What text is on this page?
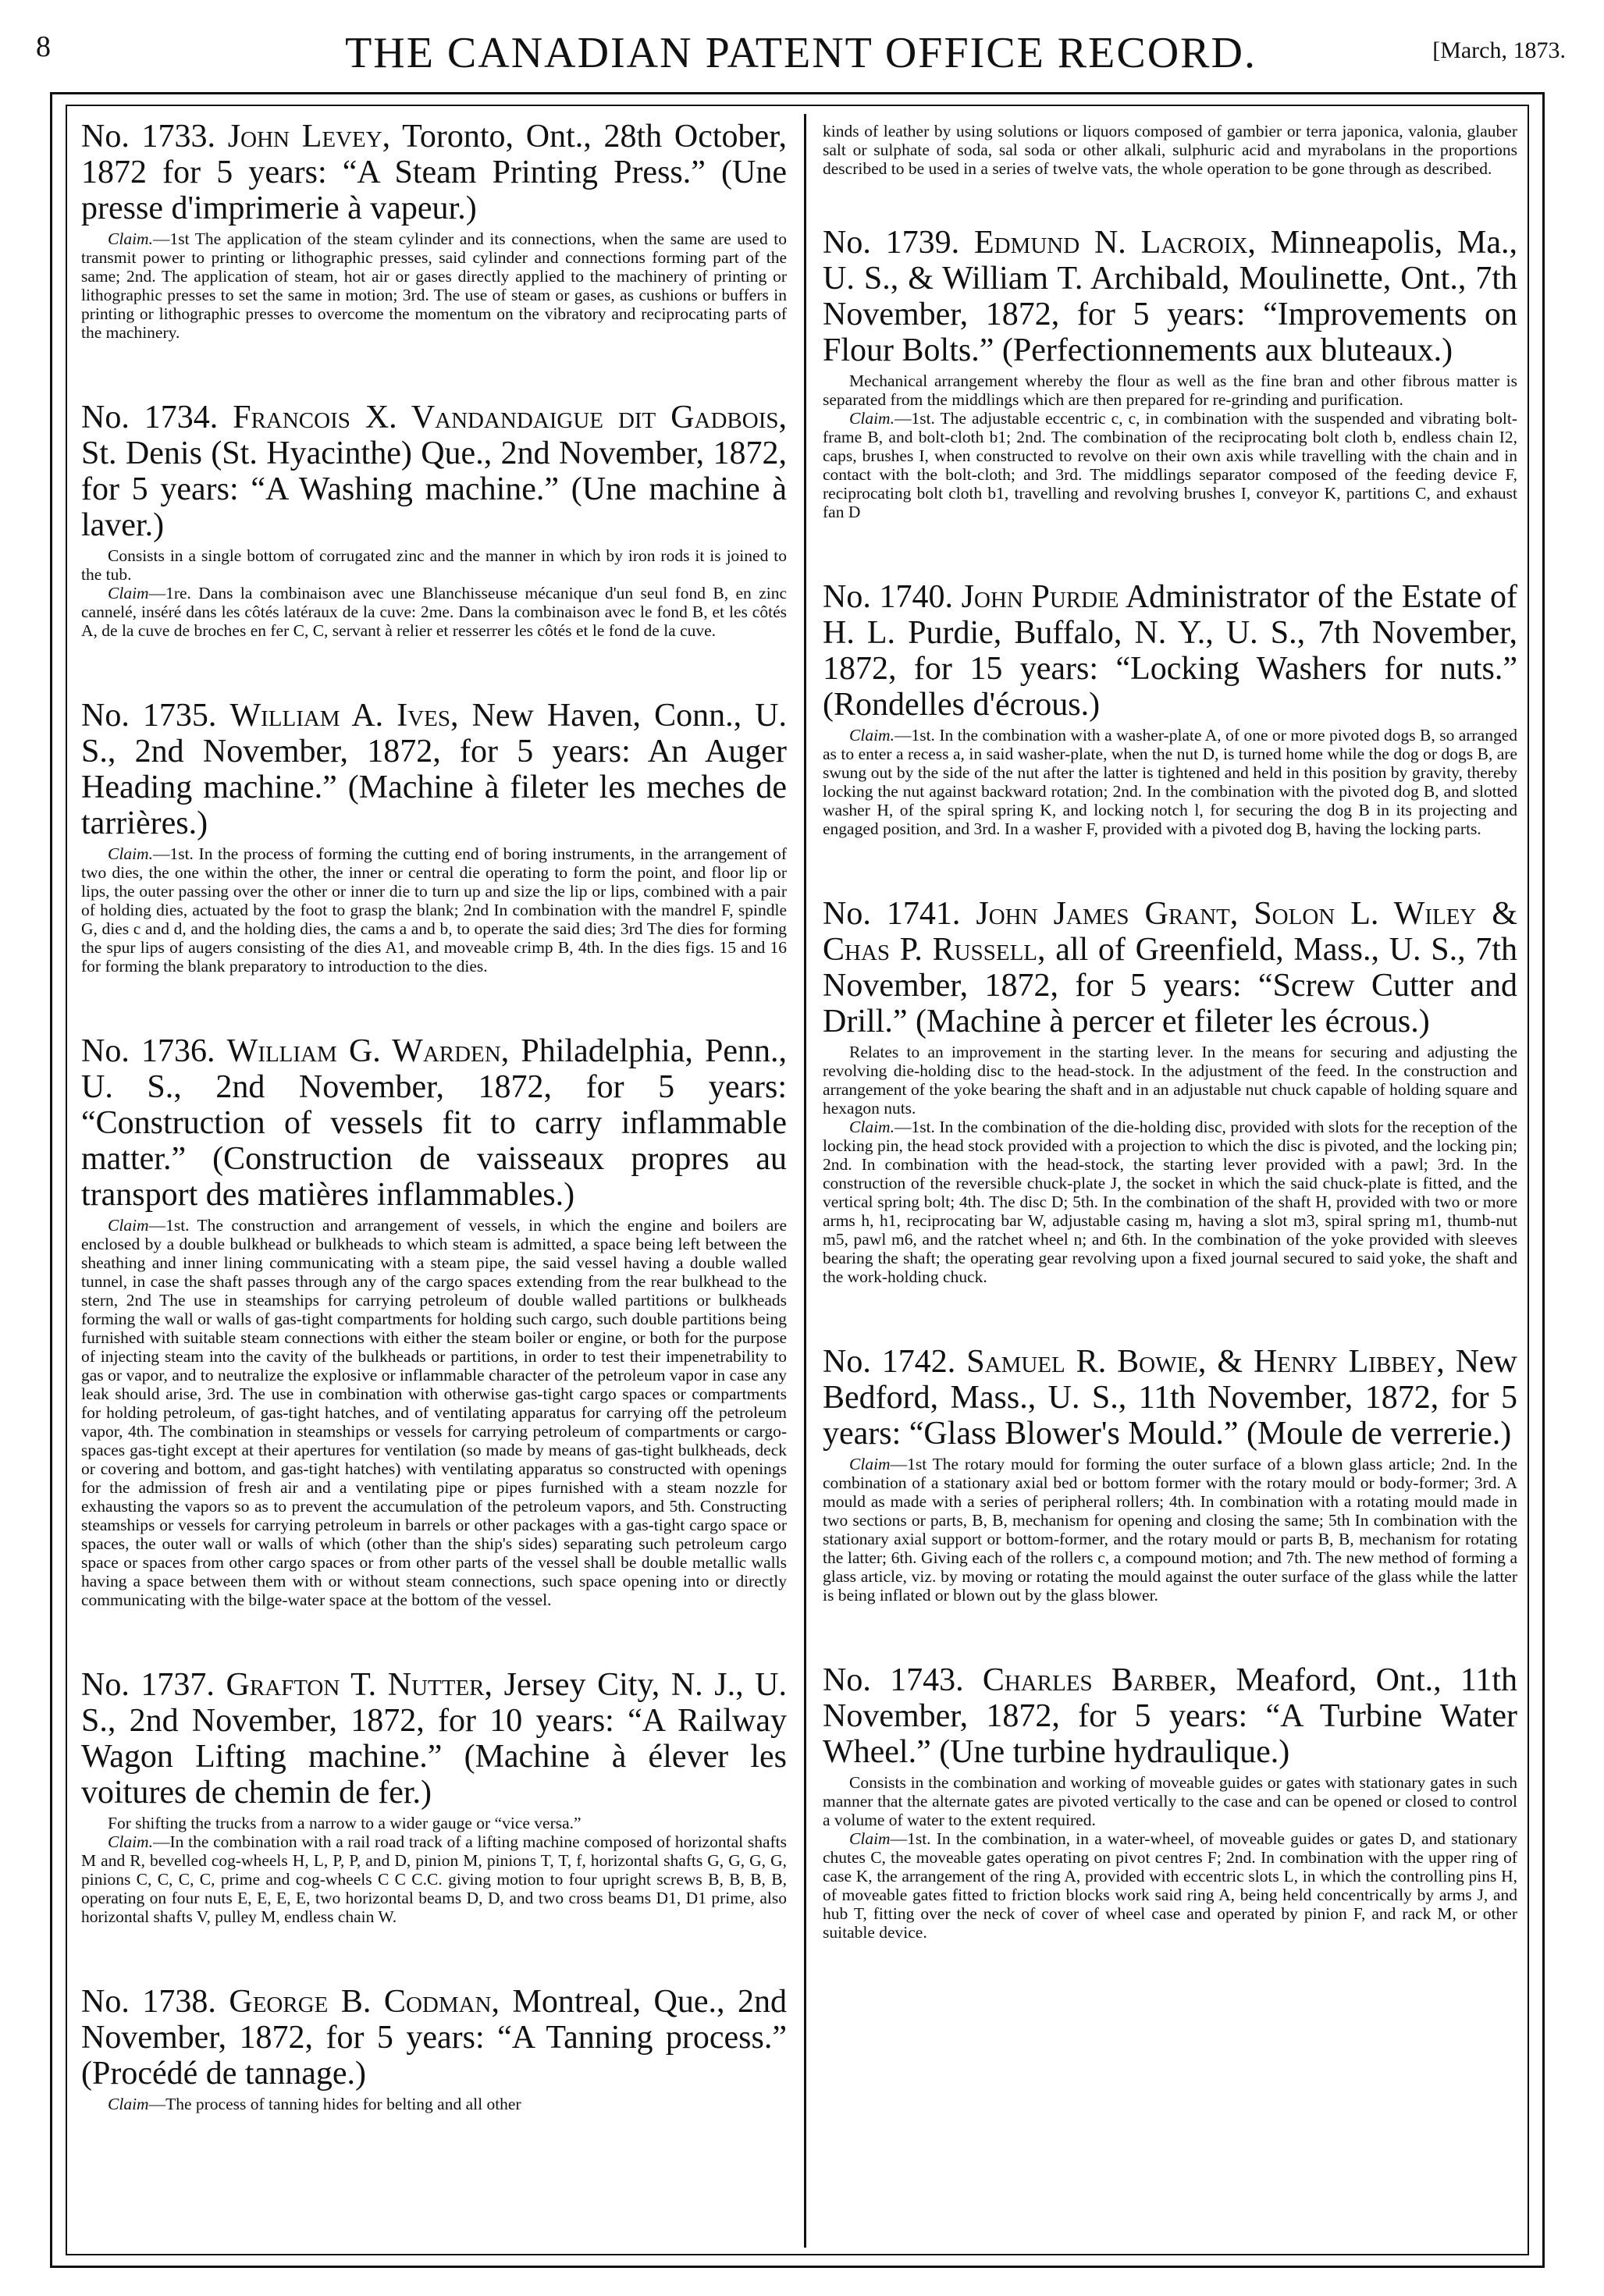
8	THE CANADIAN PATENT OFFICE RECORD.	[March, 1873.

No. 1733. John Levey, Toronto, Ont., 28th October, 1872 for 5 years: “A Steam Printing Press.” (Une presse d'imprimerie à vapeur.)

Claim.—1st The application of the steam cylinder and its connections, when the same are used to transmit power to printing or lithographic presses, said cylinder and connections forming part of the same; 2nd. The application of steam, hot air or gases directly applied to the machinery of printing or lithographic presses to set the same in motion; 3rd. The use of steam or gases, as cushions or buffers in printing or lithographic presses to overcome the momentum on the vibratory and reciprocating parts of the machinery.

No. 1734. Francois X. Vandandaigue dit Gadbois, St. Denis (St. Hyacinthe) Que., 2nd November, 1872, for 5 years: “A Washing machine.” (Une machine à laver.)

Consists in a single bottom of corrugated zinc and the manner in which by iron rods it is joined to the tub.

Claim—1re. Dans la combinaison avec une Blanchisseuse mécanique d'un seul fond B, en zinc cannelé, inséré dans les côtés latéraux de la cuve: 2me. Dans la combinaison avec le fond B, et les côtés A, de la cuve de broches en fer C, C, servant à relier et resserrer les côtés et le fond de la cuve.

No. 1735. William A. Ives, New Haven, Conn., U. S., 2nd November, 1872, for 5 years: An Auger Heading machine.” (Machine à fileter les meches de tarrières.)

Claim.—1st. In the process of forming the cutting end of boring instruments, in the arrangement of two dies, the one within the other, the inner or central die operating to form the point, and floor lip or lips, the outer passing over the other or inner die to turn up and size the lip or lips, combined with a pair of holding dies, actuated by the foot to grasp the blank; 2nd In combination with the mandrel F, spindle G, dies c and d, and the holding dies, the cams a and b, to operate the said dies; 3rd The dies for forming the spur lips of augers consisting of the dies A1, and moveable crimp B, 4th. In the dies figs. 15 and 16 for forming the blank preparatory to introduction to the dies.

No. 1736. William G. Warden, Philadelphia, Penn., U. S., 2nd November, 1872, for 5 years: “Construction of vessels fit to carry inflammable matter.” (Construction de vaisseaux propres au transport des matières inflammables.)

Claim—1st. The construction and arrangement of vessels, in which the engine and boilers are enclosed by a double bulkhead or bulkheads to which steam is admitted, a space being left between the sheathing and inner lining communicating with a steam pipe, the said vessel having a double walled tunnel, in case the shaft passes through any of the cargo spaces extending from the rear bulkhead to the stern, 2nd The use in steamships for carrying petroleum of double walled partitions or bulkheads forming the wall or walls of gas-tight compartments for holding such cargo, such double partitions being furnished with suitable steam connections with either the steam boiler or engine, or both for the purpose of injecting steam into the cavity of the bulkheads or partitions, in order to test their impenetrability to gas or vapor, and to neutralize the explosive or inflammable character of the petroleum vapor in case any leak should arise, 3rd. The use in combination with otherwise gas-tight cargo spaces or compartments for holding petroleum, of gas-tight hatches, and of ventilating apparatus for carrying off the petroleum vapor, 4th. The combination in steamships or vessels for carrying petroleum of compartments or cargo-spaces gas-tight except at their apertures for ventilation (so made by means of gas-tight bulkheads, deck or covering and bottom, and gas-tight hatches) with ventilating apparatus so constructed with openings for the admission of fresh air and a ventilating pipe or pipes furnished with a steam nozzle for exhausting the vapors so as to prevent the accumulation of the petroleum vapors, and 5th. Constructing steamships or vessels for carrying petroleum in barrels or other packages with a gas-tight cargo space or spaces, the outer wall or walls of which (other than the ship's sides) separating such petroleum cargo space or spaces from other cargo spaces or from other parts of the vessel shall be double metallic walls having a space between them with or without steam connections, such space opening into or directly communicating with the bilge-water space at the bottom of the vessel.

No. 1737. Grafton T. Nutter, Jersey City, N. J., U. S., 2nd November, 1872, for 10 years: “A Railway Wagon Lifting machine.” (Machine à élever les voitures de chemin de fer.)

For shifting the trucks from a narrow to a wider gauge or “vice versa.”

Claim.—In the combination with a rail road track of a lifting machine composed of horizontal shafts M and R, bevelled cog-wheels H, L, P, P, and D, pinion M, pinions T, T, f, horizontal shafts G, G, G, G, pinions C, C, C, C, prime and cog-wheels C C C.C. giving motion to four upright screws B, B, B, B, operating on four nuts E, E, E, E, two horizontal beams D, D, and two cross beams D1, D1 prime, also horizontal shafts V, pulley M, endless chain W.

No. 1738. George B. Codman, Montreal, Que., 2nd November, 1872, for 5 years: “A Tanning process.” (Procédé de tannage.)

Claim—The process of tanning hides for belting and all other

kinds of leather by using solutions or liquors composed of gambier or terra japonica, valonia, glauber salt or sulphate of soda, sal soda or other alkali, sulphuric acid and myrabolans in the proportions described to be used in a series of twelve vats, the whole operation to be gone through as described.

No. 1739. Edmund N. Lacroix, Minneapolis, Ma., U. S., & William T. Archibald, Moulinette, Ont., 7th November, 1872, for 5 years: “Improvements on Flour Bolts.” (Perfectionnements aux bluteaux.)

Mechanical arrangement whereby the flour as well as the fine bran and other fibrous matter is separated from the middlings which are then prepared for re-grinding and purification.

Claim.—1st. The adjustable eccentric c, c, in combination with the suspended and vibrating bolt-frame B, and bolt-cloth b1; 2nd. The combination of the reciprocating bolt cloth b, endless chain I2, caps, brushes I, when constructed to revolve on their own axis while travelling with the chain and in contact with the bolt-cloth; and 3rd. The middlings separator composed of the feeding device F, reciprocating bolt cloth b1, travelling and revolving brushes I, conveyor K, partitions C, and exhaust fan D

No. 1740. John Purdie Administrator of the Estate of H. L. Purdie, Buffalo, N. Y., U. S., 7th November, 1872, for 15 years: “Locking Washers for nuts.” (Rondelles d'écrous.)

Claim.—1st. In the combination with a washer-plate A, of one or more pivoted dogs B, so arranged as to enter a recess a, in said washer-plate, when the nut D, is turned home while the dog or dogs B, are swung out by the side of the nut after the latter is tightened and held in this position by gravity, thereby locking the nut against backward rotation; 2nd. In the combination with the pivoted dog B, and slotted washer H, of the spiral spring K, and locking notch l, for securing the dog B in its projecting and engaged position, and 3rd. In a washer F, provided with a pivoted dog B, having the locking parts.

No. 1741. John James Grant, Solon L. Wiley & Chas P. Russell, all of Greenfield, Mass., U. S., 7th November, 1872, for 5 years: “Screw Cutter and Drill.” (Machine à percer et fileter les écrous.)

Relates to an improvement in the starting lever. In the means for securing and adjusting the revolving die-holding disc to the head-stock. In the adjustment of the feed. In the construction and arrangement of the yoke bearing the shaft and in an adjustable nut chuck capable of holding square and hexagon nuts.

Claim.—1st. In the combination of the die-holding disc, provided with slots for the reception of the locking pin, the head stock provided with a projection to which the disc is pivoted, and the locking pin; 2nd. In combination with the head-stock, the starting lever provided with a pawl; 3rd. In the construction of the reversible chuck-plate J, the socket in which the said chuck-plate is fitted, and the vertical spring bolt; 4th. The disc D; 5th. In the combination of the shaft H, provided with two or more arms h, h1, reciprocating bar W, adjustable casing m, having a slot m3, spiral spring m1, thumb-nut m5, pawl m6, and the ratchet wheel n; and 6th. In the combination of the yoke provided with sleeves bearing the shaft; the operating gear revolving upon a fixed journal secured to said yoke, the shaft and the work-holding chuck.

No. 1742. Samuel R. Bowie, & Henry Libbey, New Bedford, Mass., U. S., 11th November, 1872, for 5 years: “Glass Blower's Mould.” (Moule de verrerie.)

Claim—1st The rotary mould for forming the outer surface of a blown glass article; 2nd. In the combination of a stationary axial bed or bottom former with the rotary mould or body-former; 3rd. A mould as made with a series of peripheral rollers; 4th. In combination with a rotating mould made in two sections or parts, B, B, mechanism for opening and closing the same; 5th In combination with the stationary axial support or bottom-former, and the rotary mould or parts B, B, mechanism for rotating the latter; 6th. Giving each of the rollers c, a compound motion; and 7th. The new method of forming a glass article, viz. by moving or rotating the mould against the outer surface of the glass while the latter is being inflated or blown out by the glass blower.

No. 1743. Charles Barber, Meaford, Ont., 11th November, 1872, for 5 years: “A Turbine Water Wheel.” (Une turbine hydraulique.)

Consists in the combination and working of moveable guides or gates with stationary gates in such manner that the alternate gates are pivoted vertically to the case and can be opened or closed to control a volume of water to the extent required.

Claim—1st. In the combination, in a water-wheel, of moveable guides or gates D, and stationary chutes C, the moveable gates operating on pivot centres F; 2nd. In combination with the upper ring of case K, the arrangement of the ring A, provided with eccentric slots L, in which the controlling pins H, of moveable gates fitted to friction blocks work said ring A, being held concentrically by arms J, and hub T, fitting over the neck of cover of wheel case and operated by pinion F, and rack M, or other suitable device.
